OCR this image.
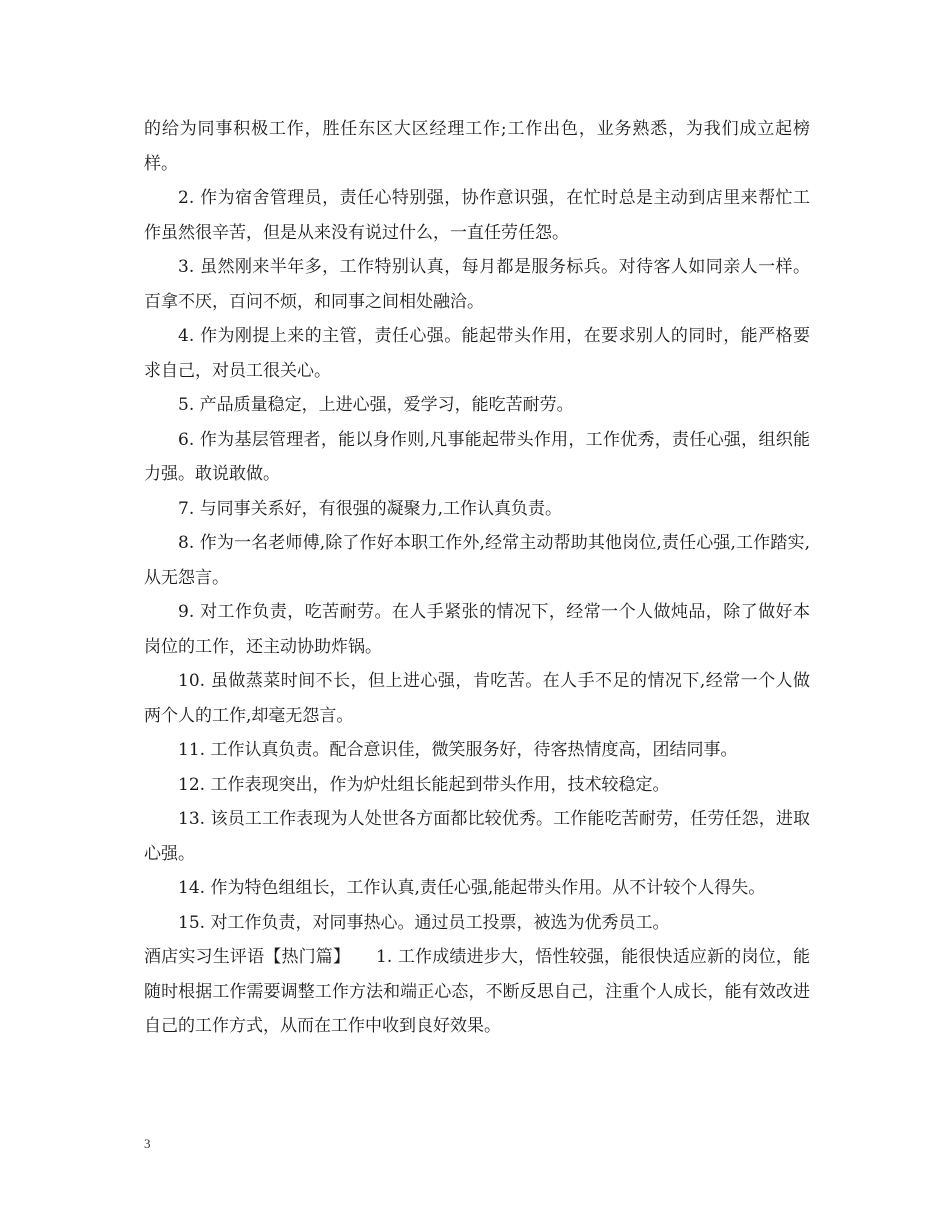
的给为同事积极工作，胜任东区大区经理工作;工作出色，业务熟悉，为我们成立起榜样。

2. 作为宿舍管理员，责任心特别强，协作意识强，在忙时总是主动到店里来帮忙工作虽然很辛苦，但是从来没有说过什么，一直任劳任怨。

3. 虽然刚来半年多，工作特别认真，每月都是服务标兵。对待客人如同亲人一样。百拿不厌，百问不烦，和同事之间相处融洽。

4. 作为刚提上来的主管，责任心强。能起带头作用，在要求别人的同时，能严格要求自己，对员工很关心。

5. 产品质量稳定，上进心强，爱学习，能吃苦耐劳。

6. 作为基层管理者，能以身作则,凡事能起带头作用，工作优秀，责任心强，组织能力强。敢说敢做。

7. 与同事关系好，有很强的凝聚力,工作认真负责。

8. 作为一名老师傅,除了作好本职工作外,经常主动帮助其他岗位,责任心强,工作踏实,从无怨言。

9. 对工作负责，吃苦耐劳。在人手紧张的情况下，经常一个人做炖品，除了做好本岗位的工作，还主动协助炸锅。

10. 虽做蒸菜时间不长，但上进心强，肯吃苦。在人手不足的情况下,经常一个人做两个人的工作,却毫无怨言。

11. 工作认真负责。配合意识佳，微笑服务好，待客热情度高，团结同事。

12. 工作表现突出，作为炉灶组长能起到带头作用，技术较稳定。

13. 该员工工作表现为人处世各方面都比较优秀。工作能吃苦耐劳，任劳任怨，进取心强。

14. 作为特色组组长，工作认真,责任心强,能起带头作用。从不计较个人得失。

15. 对工作负责，对同事热心。通过员工投票，被选为优秀员工。

酒店实习生评语【热门篇】　　1. 工作成绩进步大，悟性较强，能很快适应新的岗位，能随时根据工作需要调整工作方法和端正心态，不断反思自己，注重个人成长，能有效改进自己的工作方式，从而在工作中收到良好效果。

3
